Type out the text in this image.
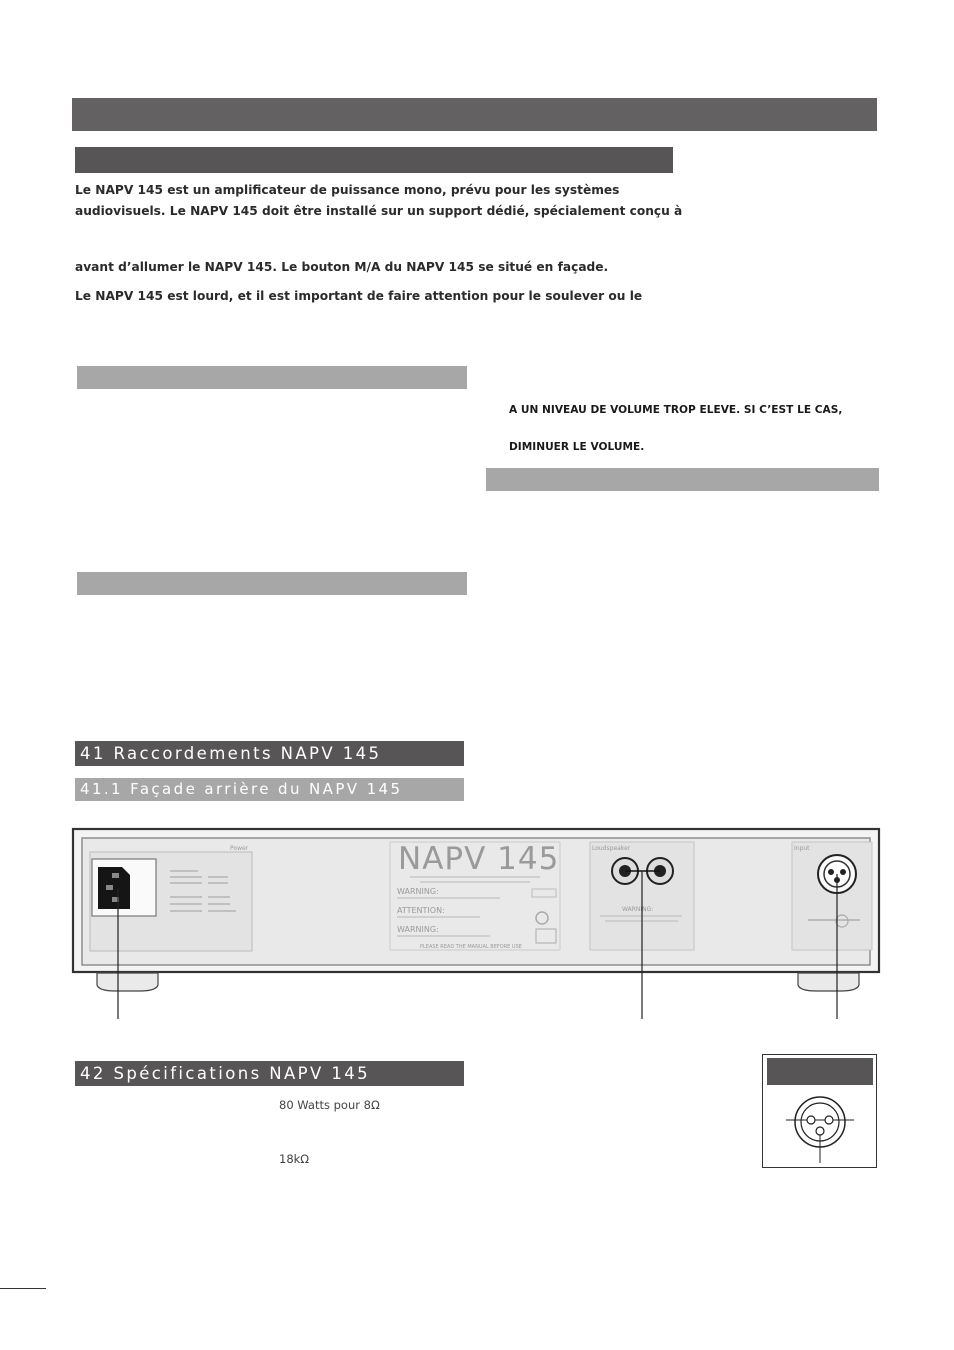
Le NAPV 145 est un amplificateur de puissance mono, prévu pour les systèmes
audiovisuels. Le NAPV 145 doit être installé sur un support dédié, spécialement conçu à
avant d’allumer le NAPV 145. Le bouton M/A du NAPV 145 se situé en façade.
Le NAPV 145 est lourd, et il est important de faire attention pour le soulever ou le
A UN NIVEAU DE VOLUME TROP ELEVE. SI C’EST LE CAS,
DIMINUER LE VOLUME.
41 Raccordements NAPV 145
41.1 Façade arrière du NAPV 145
Power	NAPV 145
WARNING:
ATTENTION:
WARNING:
PLEASE READ THE MANUAL BEFORE USE
Loudspeaker
WARNING:
Input
42 Spécifications NAPV 145
80 Watts pour 8Ω
18kΩ
